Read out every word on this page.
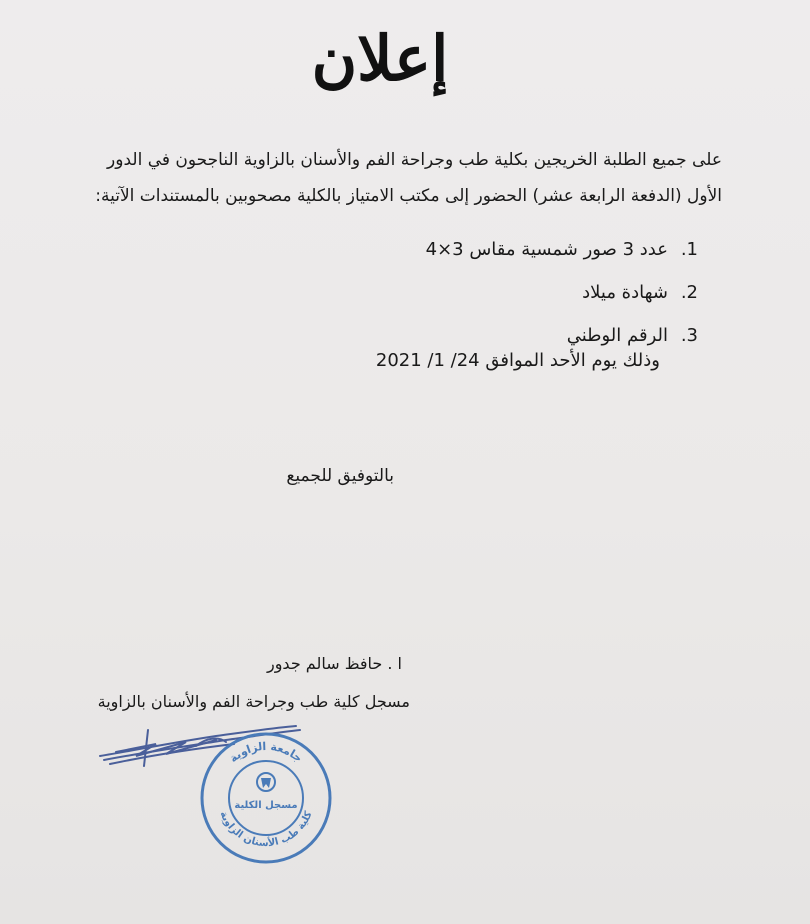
إعلان
على جميع الطلبة الخريجين بكلية طب وجراحة الفم والأسنان بالزاوية الناجحون في الدور
الأول (الدفعة الرابعة عشر) الحضور إلى مكتب الامتياز بالكلية مصحوبين بالمستندات الآتية:
1.عدد 3 صور شمسية مقاس 3×4
2.شهادة ميلاد
3.الرقم الوطني
وذلك يوم الأحد الموافق 24/ 1/ 2021
بالتوفيق للجميع
ا . حافظ سالم جدور
مسجل كلية طب وجراحة الفم والأسنان بالزاوية
جامعة الزاوية
كلية طب الأسنان الزاوية
مسجل الكلية
